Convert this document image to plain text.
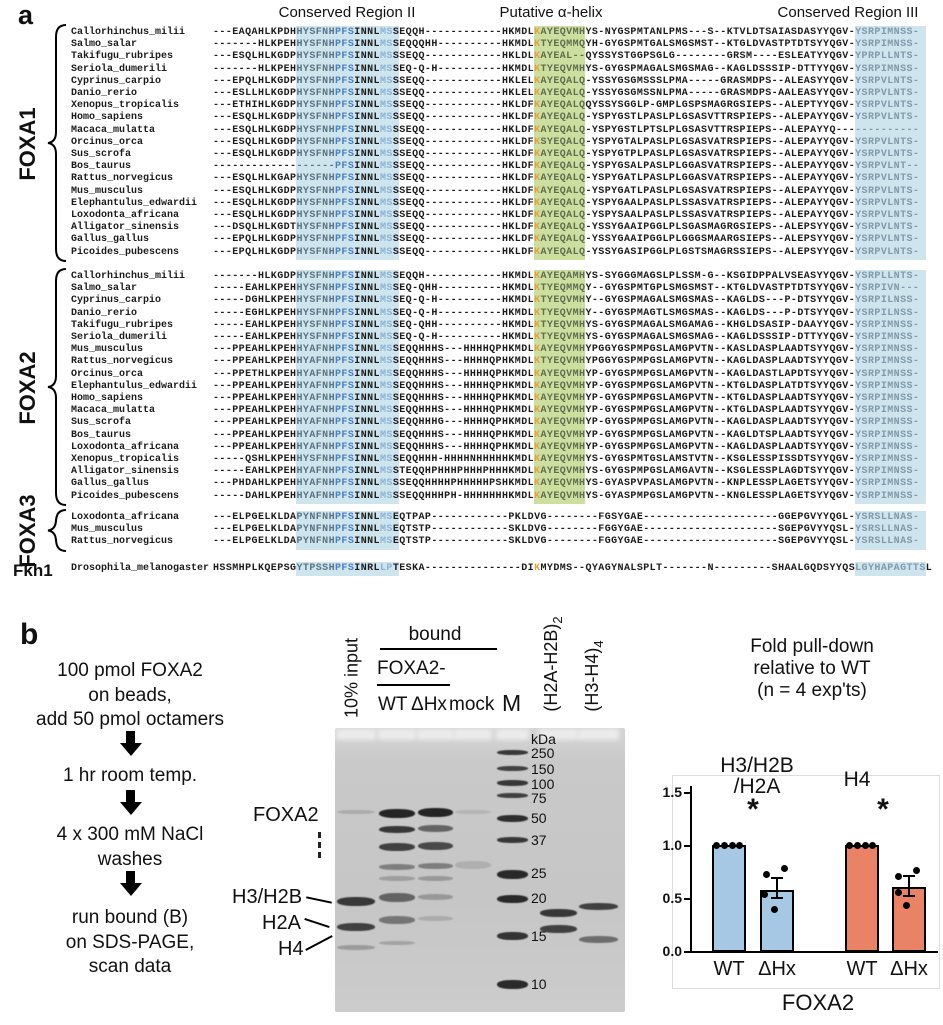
a	Conserved Region II	Putative α-helix	Conserved Region III
FOXA1
Callorhinchus_milii	---EAQAHLKPDHHYSFNHPFSINNLMSSEQQH------------HKMDLKAYEQVMHYS-NYGSPMTANLPMS---S--KTVLDTSAIASDASYYQGV-YSRPIMNSS-
Salmo_salar	-------HLKPEHHYSFNHPFSINNLMSSEQQQHH----------HKMDLKTYEQMMQYH-GYGSPMTGALSMGSMST--KTGLDVASTPTDTSYYQGV-YSRPIMNSS-
Takifugu_rubripes	---ESQLHLKGDPHYSFNHPFSINNLMSSSEQQ------------HKLDLKAYEAL--QYSSYSTGGPSGLG--------GRSM----ESLEATYYQGV-YPRPLLNTS-
Seriola_dumerili	-------HLKPEHHYSFNHPFSINNLMSSEQ-Q-H----------HKMDLKTYEQVMHYS-GYGSPMAGALSMGSMAG--KAGLDSSSIP-DTTYYQGV-YSRPIMNSS-
Cyprinus_carpio	---EPQLHLKGDPHYSFNHPFSINNLMSSSEQQ------------HKLELKAYEQALQ-YSSYGSGMSSSLPMA-----GRASMDPS--ALEASYYQGV-YSRPVLNTS-
Danio_rerio	---ESLLHLKGDPHYSFNHPFSINNLMSSSEQQ------------HKLELKAYEQALQ-YSSYGSGMSSNLPMA-----GRASMDPS-AALEASYYQGV-YSRPVLNTS-
Xenopus_tropicalis	---ETHIHLKGDPHYSFNHPFSINNLMSSSEQQ------------HKLDFKAYEQALQQYSSYSGGLP-GMPLGSPSMAGRGSIEPS--ALEPTYYQGV-YSRPVLNTS-
Homo_sapiens	---ESQLHLKGDPHYSFNHPFSINNLMSSSEQQ------------HKLDFKAYEQALQ-YSPYGSTLPASLPLGSASVTTRSPIEPS--ALEPAYYQGV-YSRPVLNTS-
Macaca_mulatta	---ESQLHLKGDPHYSFNHPFSINNLMSSSEQQ------------HKLDFKAYEQALQ-YSPYGSTLPTSLPLGSASVTTRSPIEPS--ALEPAYYQ-------------
Orcinus_orca	---ESQLHLKGDPHYSFNHPFSINNLMSSSEQQ------------HKLDFKSYEQALQ-YSPYGTALPASLPLGSASVATRSPIEPS--ALEPAYYQGV-YSRPVLNTS-
Sus_scrofa	---ESQLHLKGDPHYSFNHPFSINNLMSSSEQQ------------HKLDFKAYEQALQ-YSPYGTPLPASLPLGSASVATRSPIEPS--ALEPAYYQGV-YSRPVLNTS-
Bos_taurus	-------------------PFSINNLMSSSEQQ------------HKLDFKAYEQALQ-YSPYGSALPASLPLGGASVATRSPIEPS--ALEPAYYQGV-YSRPVLNT--
Rattus_norvegicus	---ESQLHLKGAPHYSFNHPFSINNLMSSSEQQ------------HKLDFKAYEQALQ-YSPYGATLPASLPLGGASVATRSPIEPS--ALEPAYYQGV-YSRPVLNTS-
Mus_musculus	---ESQLHLKGDPRYSFNHPFSINNLMSSSEQQ------------HKLDFKAYEQALQ-YSPYGATLPASLPLGSASVATRSPIEPS--ALEPAYYQGV-YSRPVLNTS-
Elephantulus_edwardii ---ESQLHLKGDPHYSFNHPFSINNLMSSSEQQ------------HKLDFKAYEQALQ-YSPYGAALPASLPLSSASVATRSPIEPS--ALEPAYYQGV-YSRPVLNTS-
Loxodonta_africana	---ESQLHLKGDPHYSFNHPFSINNLMSSSEQQ------------HKLDFKAYEQALQ-YSPYSAALPASLPLSSASVATRSPIEPS--ALEPAYYQGV-YSRPVLNTS-
Alligator_sinensis	---DSQLHLKGDTHYSFNHPFSINNLMSSSEQQ------------HKLDFKAYEQALQ-YSSYGAAIPGGLPLSGASMAGRGSIEPS--ALEPSYYQGV-YSRPVLNTS-
Gallus_gallus	---EPQLHLKGDPHYSFNHPFSINNLMSSSEQQ------------HKLDFKAYEQALQ-YSSYGAAIPGGLPLGGGSMAARGSIEPS--ALEPSYYQGV-YSRPVLNTS-
Picoides_pubescens	---EPQLHLKGDPHYSFNHPFSINNLMSSSEQQ------------HKLDFKAYEQALQ-YSSYGASIPGGLPLGSTSMAGRSSIEPS--ALEPSYYQGV-YSRPVLNTS-
FOXA2
Callorhinchus_milii	-------HLKGDPHYSFNHPFSINNLMSSEQQH------------HKMDLKAYEQAMHYS-SYGGGMAGSLPLSSM-G--KSGIDPPALVSEASYYQGV-YSRPLLNTS-
Salmo_salar	-----EAHLKPEHHYSFNHPFSINNLMSSEQ-QHH----------HKMDLKTYEQMMQY--GYGSPMTGPLSMGSMST--KTGLDVASTPTDTSYYQGV-YSRPIVN---
Cyprinus_carpio	-----DGHLKPEHHYSFNHPFSINNLMSSEQ-Q-H----------HKMDLKTYEQVMHY--GYGSPMAGALSMGSMAS--KAGLDS---P-DTSYYQGV-YSRPILNSS-
Danio_rerio	-----EGHLKPEHHYSFNHPFSINNLMSSEQ-Q-H----------HKMDLKTYEQVMHY--GYGSPMAGTLSMGSMAS--KAGLDS---P-DTSYYQGV-YSRPILNSS-
Takifugu_rubripes	-----EAHLKPEHHYSFNHPFSINNLMSSEQ-QHH----------HKMDLKTYEQVMHYS-GYGSPMAGALSMGAMAG--KHGLDSASIP-DAAYYQGV-YSRPIMNSS-
Seriola_dumerili	-----EAHLKPEHHYSFNHPFSINNLMSSEQ-Q-H----------HKMDLKTYEQVMHYS-GYGSPMAGALSMGSMAG--KAGLDSSSIP-DTTYYQGV-YSRPIMNSS-
Mus_musculus	---PPEAHLKPEHHYAFNHPFSINNLMSSEQQHHHS---HHHHQPHKMDLKAYEQVMHYPGGYGSPMPGSLAMGPVTN--KASLDASPLAADTSYYQGV-YSRPIMNSS-
Rattus_norvegicus	---PPEAHLKPEHHYAFNHPFSINNLMSSEQQHHHS---HHHHQPHKMDLKTYEQVMHYPGGYGSPMPGSLAMGPVTN--KAGLDASPLAADTSYYQGV-YSRPIMNSS-
Orcinus_orca	---PPETHLKPEHHYAFNHPFSINNLMSSEQQHHHS---HHHHQPHKMDLKAYEQVMHYP-GYGSPMPGSLAMGPVTN--KAGLDASTLAPDTSYYQGV-YSRPIMNSS-
Elephantulus_edwardii ---PPEAHLKPEHHYAFNHPFSINNLMSSEQQHHHS---HHHHQPHKMDLKAYEQVMHYP-GYGSPMPGSLAMGPVTN--KTGLDASPLATDTSYYQGV-YSRPIMNSS-
Homo_sapiens	---PPEAHLKPEHHYAFNHPFSINNLMSSEQQHHHS---HHHHQPHKMDLKAYEQVMHYP-GYGSPMPGSLAMGPVTN--KTGLDASPLAADTSYYQGV-YSRPIMNSS-
Macaca_mulatta	---PPEAHLKPEHHYAFNHPFSINNLMSSEQQHHHS---HHHHQPHKMDLKAYEQVMHYP-GYGSPMPGSLAMGPVTN--KTGLDASPLAADTSYYQGV-YSRPIMNSS-
Sus_scrofa	---PPEAHLKPEHHYAFNHPFSINNLMSSEQQHHHG---HHHHQPHKMDLKAYEQVMHYP-GYGSPMPGSLAMGPVTN--KAGLDASPLAADTSYYQGV-YSRPIMNSS-
Bos_taurus	---PPEAHLKPEHHYAFNHPFSINNLMSSEQQHHHS---HHHHQPHKMDLKAYEQVMHYP-GYGSPMPGSLAMGPVTN--KAGLDTSPLAADTSYYQGV-YSRPIMNSS-
Loxodonta_africana	---PPEAHLKPEHHYAFNHPFSINNLMSSEQQHHHS---HHHHQPHKMDLKAYEQVMHYP-GYGSPMPGSLAMGPVTN--KAGLDASPLAADTSYYQGV-YSRPIMNSS-
Xenopus_tropicalis	-----QSHLKPEHHYSFNHPFSINNLMSSEQQHHH-HHHHNHHHHHKMDLKAYEQVMHYS-GYGSPMTGSLAMSTVTN--KSGLESSPISSDTSYYQGV-YSRPIMNSS-
Alligator_sinensis	-----EAHLKPEHHYAFNHPFSINNLMSSTEQQHPHHHPHHHPHHHKMDLKAYEQVMHYS-GYGSPMPGSLAMGAVTN--KSGLESSPLAGDTSYYQGV-YSRPIMNSS-
Gallus_gallus	---PHDAHLKPEHHYAFNHPFSINNLMSSSEQQHHHHPHHHHHPSHKMDLKAYEQVMHYS-GYASPVPASLAMGPVTN--KNPLESSPLAGETSYYQGV-YSRPIMNSS-
Picoides_pubescens	-----DAHLKPEHHYAFNHPFSINNLMSSSEQQHHHPH-HHHHHHHKMDLKAYEQVMHYS-GYASPMPGSLAMGPVTN--KNGLESSPLAGETSYYQGV-YSRPIMNSS-
FOXA3	Loxodonta_africana	---ELPGELKLDAPYNFNHPFSINNLMSEQTPAP------------PKLDVG--------FGSYGAE---------------------GGEPGVYYQGL-YSRSLLNAS-
Mus_musculus	---ELPGELKLDAPYNFNHPFSINNLMSEQTSTP------------SKLDVG--------FGGYGAE---------------------SGEPGVYYQSL-YSRSLLNAS-
Rattus_norvegicus	---ELPGELKLDAPYNFNHPFSINNLMSEQTSTP------------SKLDVG--------FGGYGAE---------------------SGEPGVYYQSL-YSRSLLNAS-
Fkh1 Drosophila_melanogaster HSSMHPLKQEPSGYTPSSHPFSINRLLPTESKA---------------DIKMYDMS--QYAGYNALSPLT-------N---------SHAALGQDSYYQSLGYHAPAGTTSL
b
100 pmol FOXA2
on beads,
add 50 pmol octamers
1 hr room temp.
4 x 300 mM NaCl
washes
run bound (B)
on SDS-PAGE,
scan data
kDa
250
150
100
75
50
37
25
20
15
10
bound
FOXA2-
WT ΔHx mock M
10% input	$(H2A-H2B)_2$
$(H3-H4)_4$
FOXA2
H3/H2B
H2A
H4
Fold pull-down
relative to WT
(n = 4 exp'ts)
0.0
0.5
1.0
1.5
H3/H2B
/H2A
*
WT ΔHx
H4
*
WT ΔHx
FOXA2
